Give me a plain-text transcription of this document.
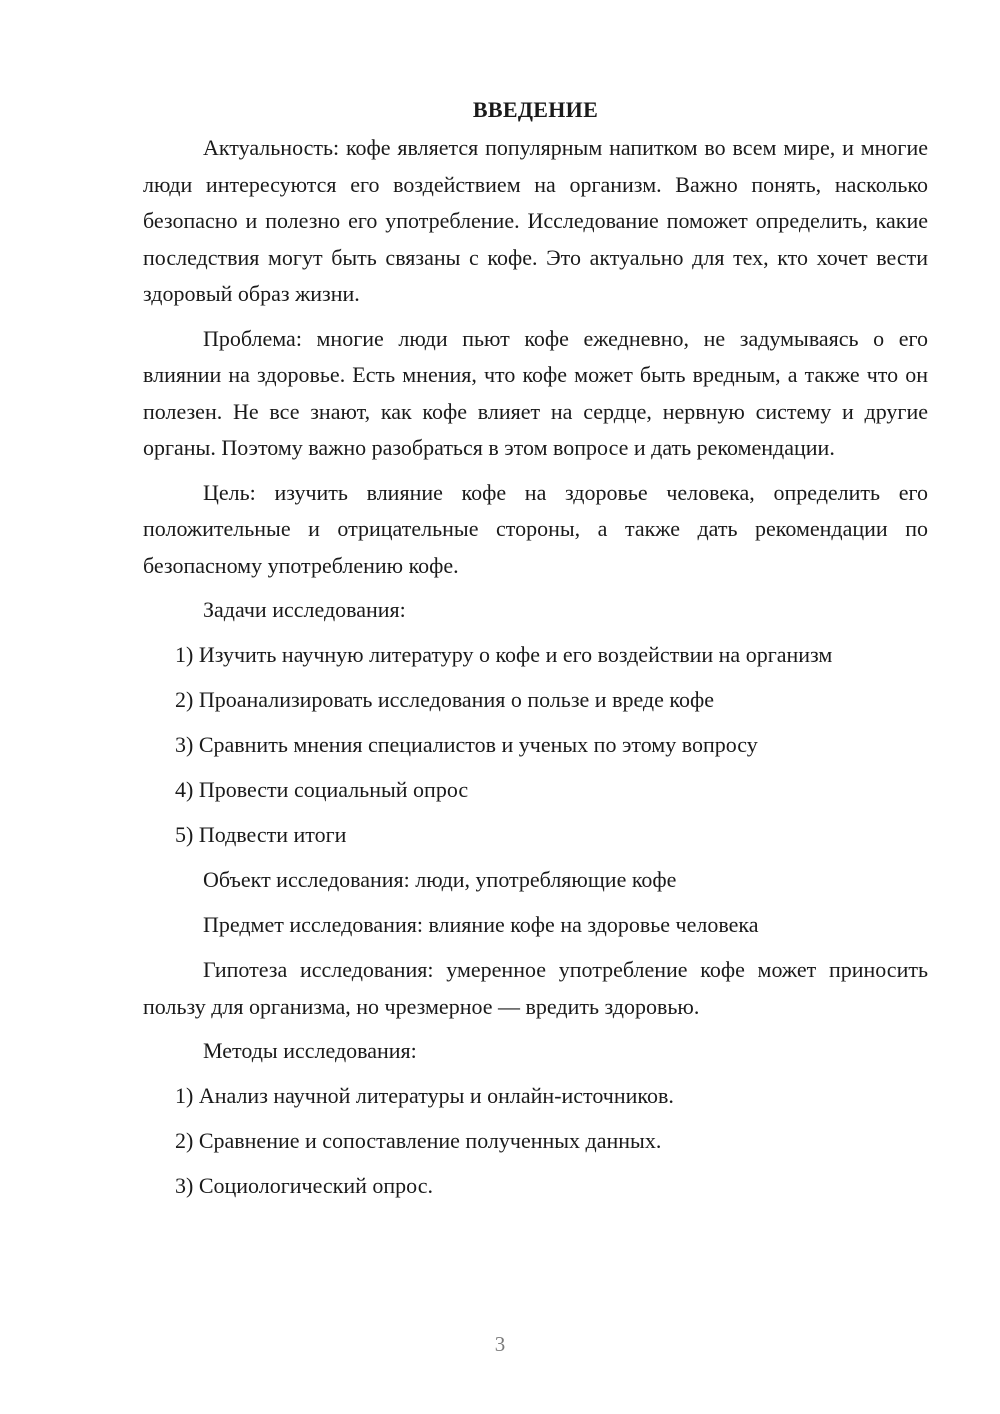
ВВЕДЕНИЕ

Актуальность: кофе является популярным напитком во всем мире, и многие люди интересуются его воздействием на организм. Важно понять, насколько безопасно и полезно его употребление. Исследование поможет определить, какие последствия могут быть связаны с кофе. Это актуально для тех, кто хочет вести здоровый образ жизни.

Проблема: многие люди пьют кофе ежедневно, не задумываясь о его влиянии на здоровье. Есть мнения, что кофе может быть вредным, а также что он полезен. Не все знают, как кофе влияет на сердце, нервную систему и другие органы. Поэтому важно разобраться в этом вопросе и дать рекомендации.

Цель: изучить влияние кофе на здоровье человека, определить его положительные и отрицательные стороны, а также дать рекомендации по безопасному употреблению кофе.

Задачи исследования:
1) Изучить научную литературу о кофе и его воздействии на организм
2) Проанализировать исследования о пользе и вреде кофе
3) Сравнить мнения специалистов и ученых по этому вопросу
4) Провести социальный опрос
5) Подвести итоги
Объект исследования: люди, употребляющие кофе
Предмет исследования: влияние кофе на здоровье человека

Гипотеза исследования: умеренное употребление кофе может приносить пользу для организма, но чрезмерное — вредить здоровью.

Методы исследования:
1) Анализ научной литературы и онлайн-источников.
2) Сравнение и сопоставление полученных данных.
3) Социологический опрос.
3
